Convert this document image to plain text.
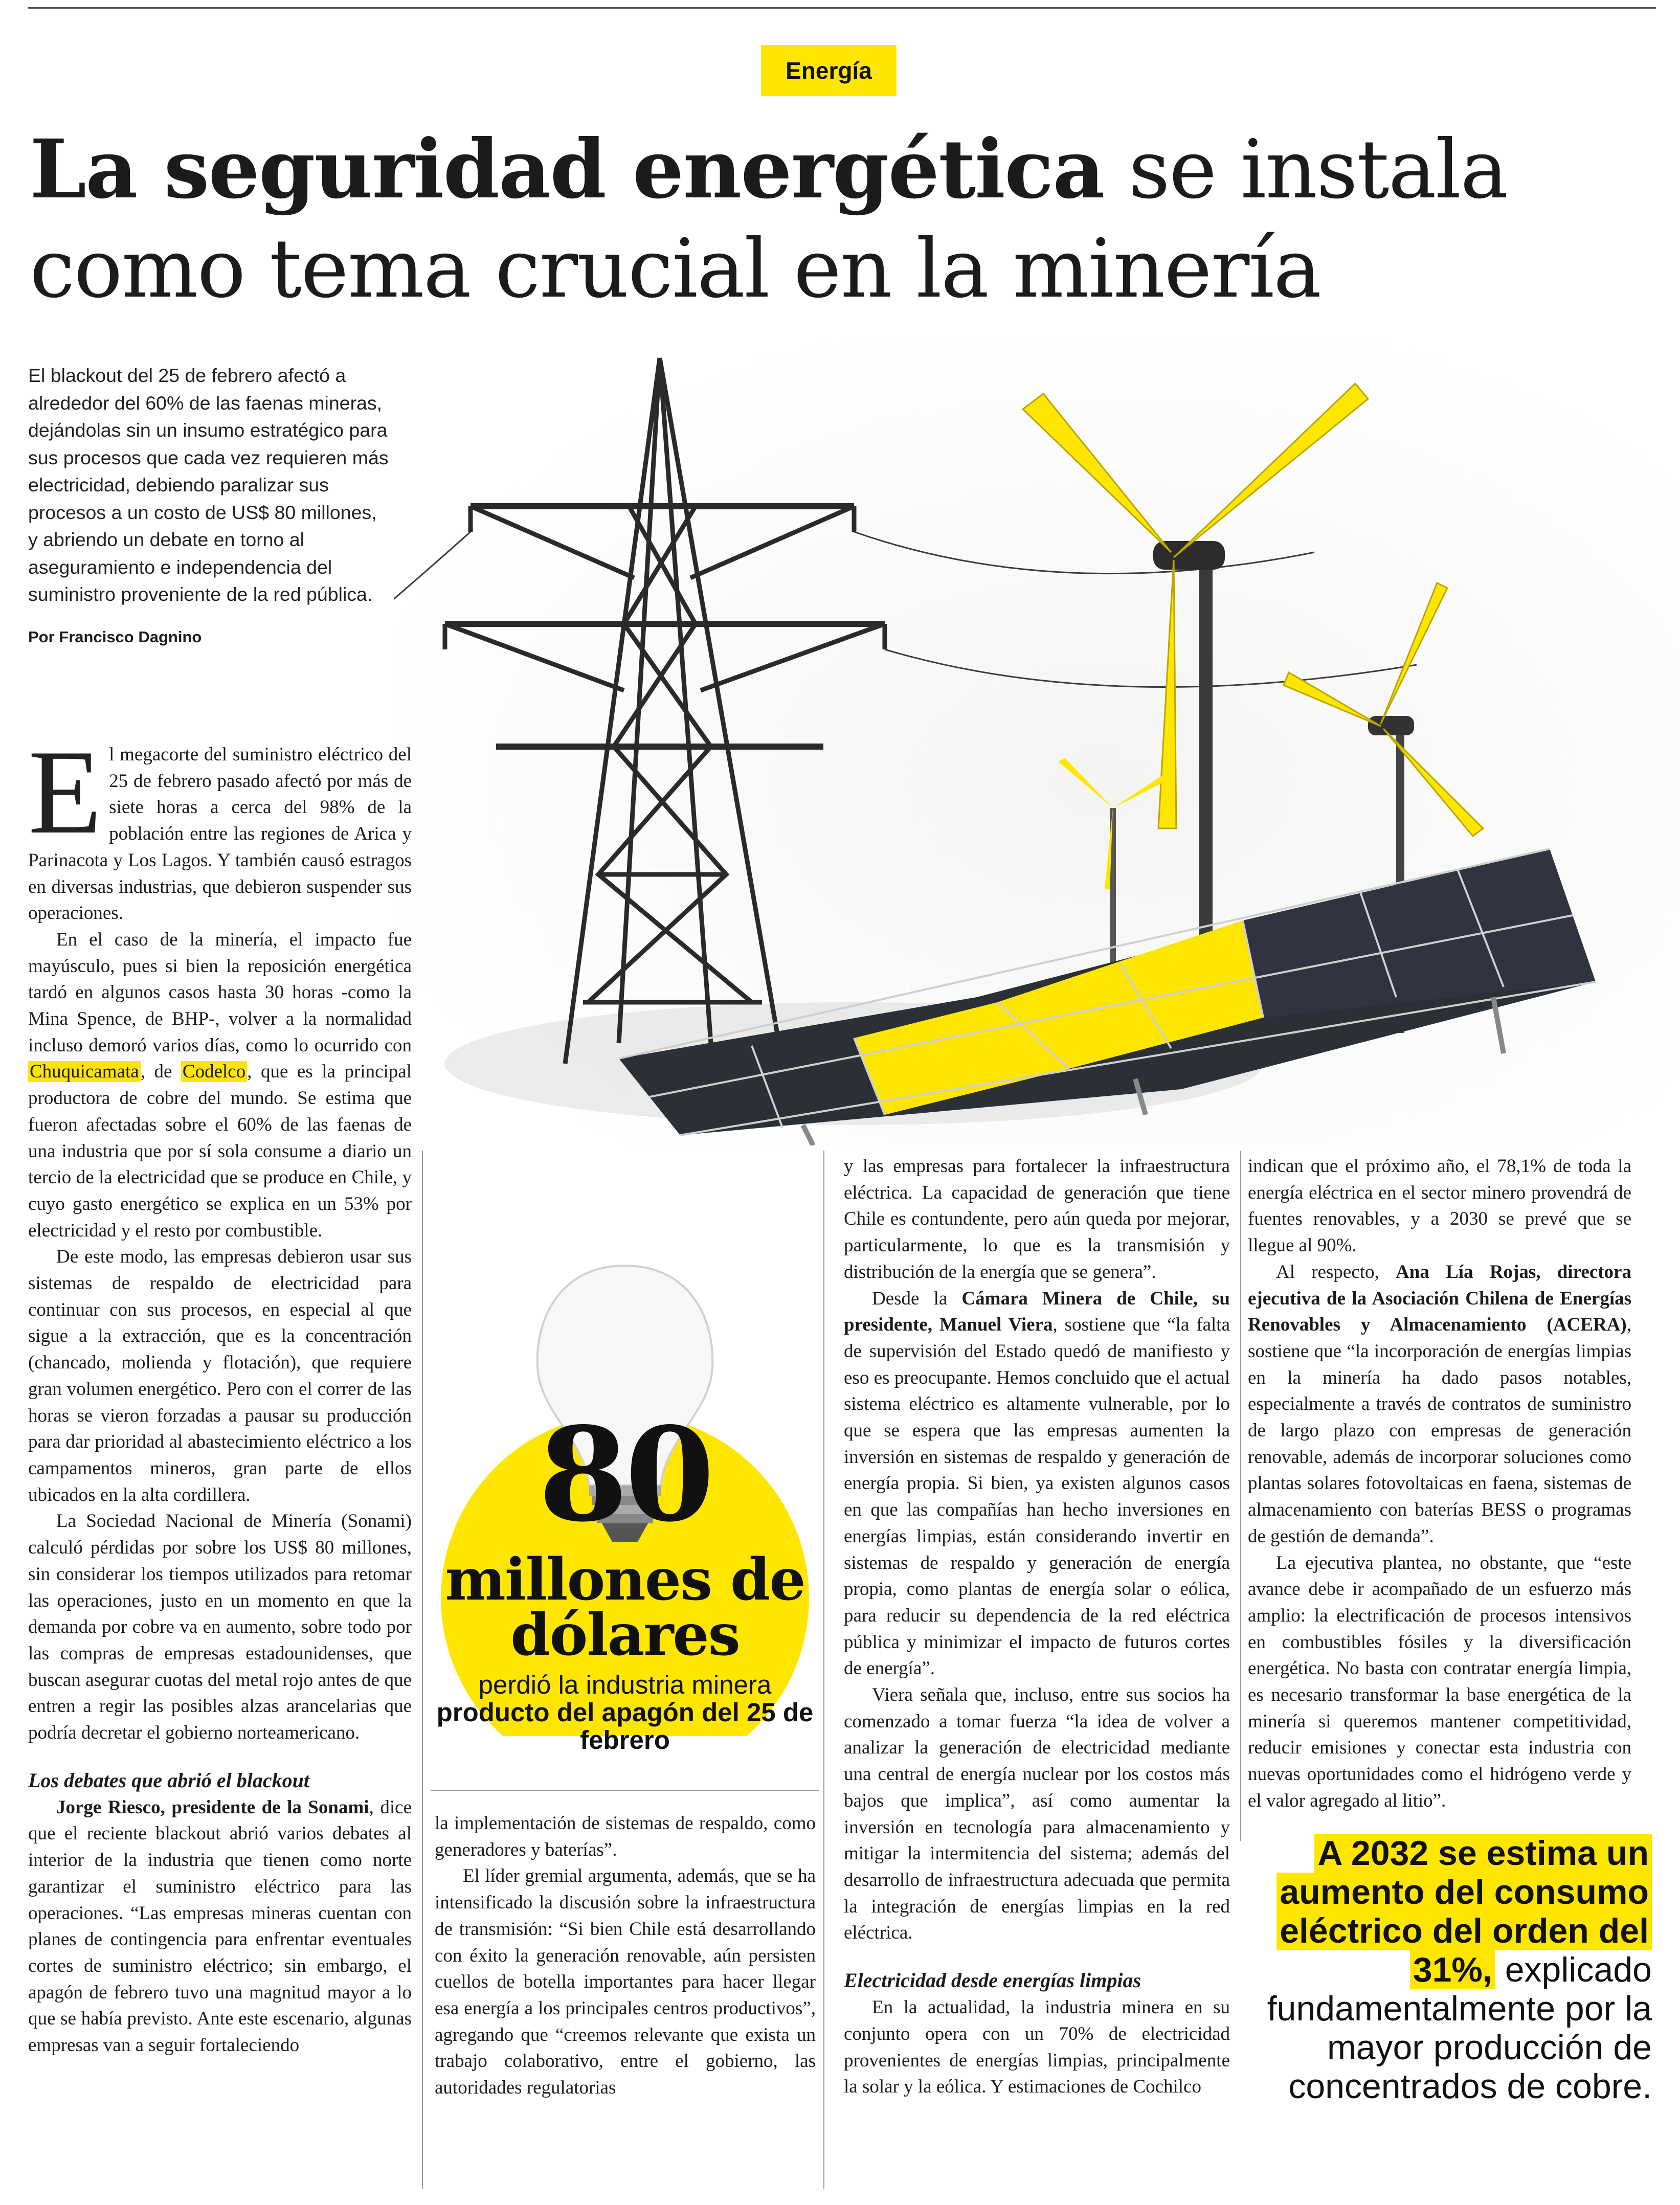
Energía
La seguridad energética se instala
como tema crucial en la minería
El blackout del 25 de febrero afectó a alrededor del 60% de las faenas mineras, dejándolas sin un insumo estratégico para sus procesos que cada vez requieren más electricidad, debiendo paralizar sus procesos a un costo de US$ 80 millones, y abriendo un debate en torno al aseguramiento e independencia del suministro proveniente de la red pública.
Por Francisco Dagnino

El megacorte del suministro eléctrico del 25 de febrero pasado afectó por más de siete horas a cerca del 98% de la población entre las regiones de Arica y Parinacota y Los Lagos. Y también causó estragos en diversas industrias, que debieron suspender sus operaciones.

En el caso de la minería, el impacto fue mayúsculo, pues si bien la reposición energética tardó en algunos casos hasta 30 horas -como la Mina Spence, de BHP-, volver a la normalidad incluso demoró varios días, como lo ocurrido con Chuquicamata, de Codelco, que es la principal productora de cobre del mundo. Se estima que fueron afectadas sobre el 60% de las faenas de una industria que por sí sola consume a diario un tercio de la electricidad que se produce en Chile, y cuyo gasto energético se explica en un 53% por electricidad y el resto por combustible.

De este modo, las empresas debieron usar sus sistemas de respaldo de electricidad para continuar con sus procesos, en especial al que sigue a la extracción, que es la concentración (chancado, molienda y flotación), que requiere gran volumen energético. Pero con el correr de las horas se vieron forzadas a pausar su producción para dar prioridad al abastecimiento eléctrico a los campamentos mineros, gran parte de ellos ubicados en la alta cordillera.

La Sociedad Nacional de Minería (Sonami) calculó pérdidas por sobre los US$ 80 millones, sin considerar los tiempos utilizados para retomar las operaciones, justo en un momento en que la demanda por cobre va en aumento, sobre todo por las compras de empresas estadounidenses, que buscan asegurar cuotas del metal rojo antes de que entren a regir las posibles alzas arancelarias que podría decretar el gobierno norteamericano.

Los debates que abrió el blackout

Jorge Riesco, presidente de la Sonami, dice que el reciente blackout abrió varios debates al interior de la industria que tienen como norte garantizar el suministro eléctrico para las operaciones. “Las empresas mineras cuentan con planes de contingencia para enfrentar eventuales cortes de suministro eléctrico; sin embargo, el apagón de febrero tuvo una magnitud mayor a lo que se había previsto. Ante este escenario, algunas empresas van a seguir fortaleciendo

80
millones de dólares
perdió la industria minera
producto del apagón del 25 de febrero

la implementación de sistemas de respaldo, como generadores y baterías”.

El líder gremial argumenta, además, que se ha intensificado la discusión sobre la infraestructura de transmisión: “Si bien Chile está desarrollando con éxito la generación renovable, aún persisten cuellos de botella importantes para hacer llegar esa energía a los principales centros productivos”, agregando que “creemos relevante que exista un trabajo colaborativo, entre el gobierno, las autoridades regulatorias

y las empresas para fortalecer la infraestructura eléctrica. La capacidad de generación que tiene Chile es contundente, pero aún queda por mejorar, particularmente, lo que es la transmisión y distribución de la energía que se genera”.

Desde la Cámara Minera de Chile, su presidente, Manuel Viera, sostiene que “la falta de supervisión del Estado quedó de manifiesto y eso es preocupante. Hemos concluido que el actual sistema eléctrico es altamente vulnerable, por lo que se espera que las empresas aumenten la inversión en sistemas de respaldo y generación de energía propia. Si bien, ya existen algunos casos en que las compañías han hecho inversiones en energías limpias, están considerando invertir en sistemas de respaldo y generación de energía propia, como plantas de energía solar o eólica, para reducir su dependencia de la red eléctrica pública y minimizar el impacto de futuros cortes de energía”.

Viera señala que, incluso, entre sus socios ha comenzado a tomar fuerza “la idea de volver a analizar la generación de electricidad mediante una central de energía nuclear por los costos más bajos que implica”, así como aumentar la inversión en tecnología para almacenamiento y mitigar la intermitencia del sistema; además del desarrollo de infraestructura adecuada que permita la integración de energías limpias en la red eléctrica.

Electricidad desde energías limpias

En la actualidad, la industria minera en su conjunto opera con un 70% de electricidad provenientes de energías limpias, principalmente la solar y la eólica. Y estimaciones de Cochilco

indican que el próximo año, el 78,1% de toda la energía eléctrica en el sector minero provendrá de fuentes renovables, y a 2030 se prevé que se llegue al 90%.

Al respecto, Ana Lía Rojas, directora ejecutiva de la Asociación Chilena de Energías Renovables y Almacenamiento (ACERA), sostiene que “la incorporación de energías limpias en la minería ha dado pasos notables, especialmente a través de contratos de suministro de largo plazo con empresas de generación renovable, además de incorporar soluciones como plantas solares fotovoltaicas en faena, sistemas de almacenamiento con baterías BESS o programas de gestión de demanda”.

La ejecutiva plantea, no obstante, que “este avance debe ir acompañado de un esfuerzo más amplio: la electrificación de procesos intensivos en combustibles fósiles y la diversificación energética. No basta con contratar energía limpia, es necesario transformar la base energética de la minería si queremos mantener competitividad, reducir emisiones y conectar esta industria con nuevas oportunidades como el hidrógeno verde y el valor agregado al litio”.

A 2032 se estima un aumento del consumo eléctrico del orden del 31%, explicado fundamentalmente por la mayor producción de concentrados de cobre.
